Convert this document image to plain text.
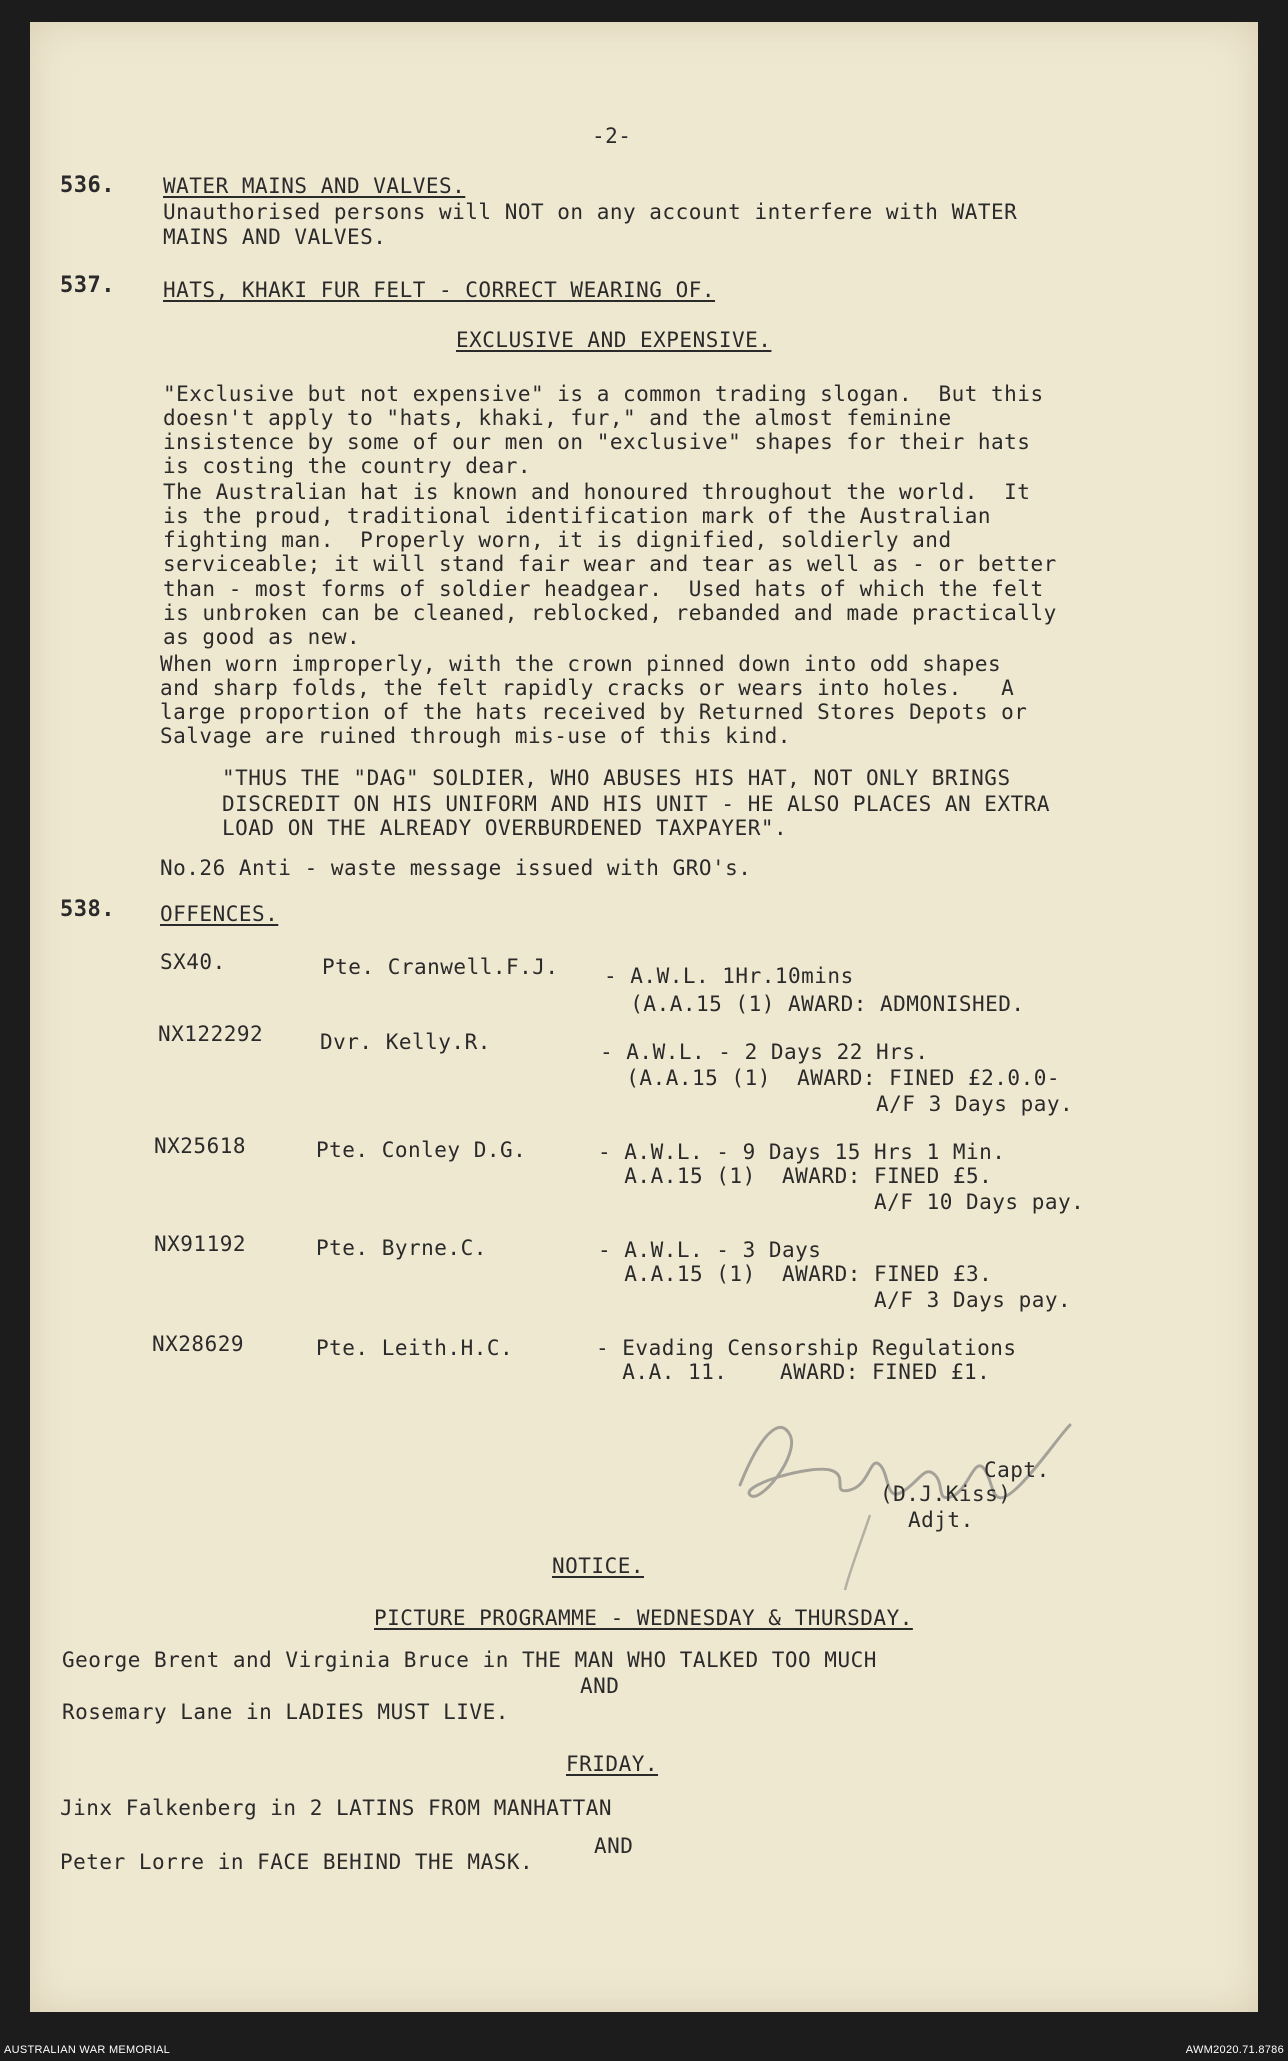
-2-
536. WATER MAINS AND VALVES.
Unauthorised persons will NOT on any account interfere with WATER
MAINS AND VALVES.
537. HATS, KHAKI FUR FELT - CORRECT WEARING OF.
EXCLUSIVE AND EXPENSIVE.
"Exclusive but not expensive" is a common trading slogan.  But this
doesn't apply to "hats, khaki, fur," and the almost feminine
insistence by some of our men on "exclusive" shapes for their hats
is costing the country dear.
The Australian hat is known and honoured throughout the world.  It
is the proud, traditional identification mark of the Australian
fighting man.  Properly worn, it is dignified, soldierly and
serviceable; it will stand fair wear and tear as well as - or better
than - most forms of soldier headgear.  Used hats of which the felt
is unbroken can be cleaned, reblocked, rebanded and made practically
as good as new.
When worn improperly, with the crown pinned down into odd shapes
and sharp folds, the felt rapidly cracks or wears into holes.   A
large proportion of the hats received by Returned Stores Depots or
Salvage are ruined through mis-use of this kind.
"THUS THE "DAG" SOLDIER, WHO ABUSES HIS HAT, NOT ONLY BRINGS
DISCREDIT ON HIS UNIFORM AND HIS UNIT - HE ALSO PLACES AN EXTRA
LOAD ON THE ALREADY OVERBURDENED TAXPAYER".
No.26 Anti - waste message issued with GRO's.
538. OFFENCES.
SX40.	Pte. Cranwell.F.J. - A.W.L. 1Hr.10mins
(A.A.15 (1) AWARD: ADMONISHED.
NX122292	Dvr. Kelly.R.	- A.W.L. - 2 Days 22 Hrs.
(A.A.15 (1)  AWARD: FINED £2.0.0-
A/F 3 Days pay.
NX25618	Pte. Conley D.G.	- A.W.L. - 9 Days 15 Hrs 1 Min.
A.A.15 (1)  AWARD: FINED £5.
A/F 10 Days pay.
NX91192	Pte. Byrne.C.	- A.W.L. - 3 Days
A.A.15 (1)  AWARD: FINED £3.
A/F 3 Days pay.
NX28629	Pte. Leith.H.C.	- Evading Censorship Regulations
A.A. 11.    AWARD: FINED £1.
Capt.
(D.J.Kiss)
Adjt.
NOTICE.
PICTURE PROGRAMME - WEDNESDAY & THURSDAY.
George Brent and Virginia Bruce in THE MAN WHO TALKED TOO MUCH
AND
Rosemary Lane in LADIES MUST LIVE.
FRIDAY.
Jinx Falkenberg in 2 LATINS FROM MANHATTAN
AND
Peter Lorre in FACE BEHIND THE MASK.
AUSTRALIAN WAR MEMORIAL	AWM2020.71.8786
